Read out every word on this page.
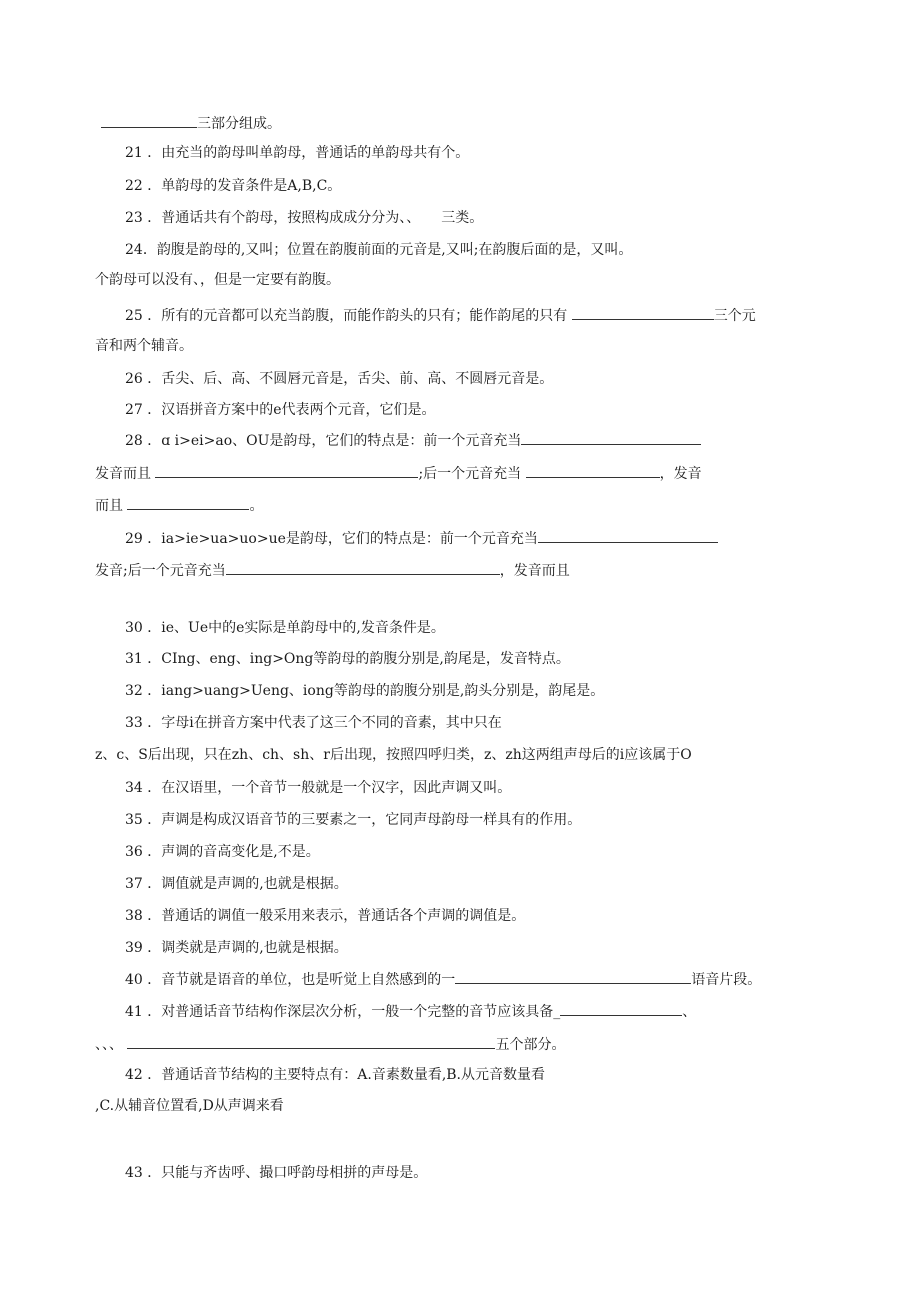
三部分组成。
21 ．由充当的韵母叫单韵母，普通话的单韵母共有个。
22 ．单韵母的发音条件是A,B,C。
23 ．普通话共有个韵母，按照构成成分分为、、　　三类。
24．韵腹是韵母的,又叫；位置在韵腹前面的元音是,又叫;在韵腹后面的是，又叫。
个韵母可以没有、，但是一定要有韵腹。
25 ．所有的元音都可以充当韵腹，而能作韵头的只有；能作韵尾的只有	三个元
音和两个辅音。
26 ．舌尖、后、高、不圆唇元音是，舌尖、前、高、不圆唇元音是。
27 ．汉语拼音方案中的e代表两个元音，它们是。
28 ．ɑ i>ei>ao、OU是韵母，它们的特点是：前一个元音充当
发音而且	;后一个元音充当	，发音
而且	。
29 ．ia>ie>ua>uo>ue是韵母，它们的特点是：前一个元音充当
发音;后一个元音充当	，发音而且
30 ．ie、Ue中的e实际是单韵母中的,发音条件是。
31 ．CIng、eng、ing>Ong等韵母的韵腹分别是,韵尾是，发音特点。
32 ．iang>uang>Ueng、iong等韵母的韵腹分别是,韵头分别是，韵尾是。
33 ．字母i在拼音方案中代表了这三个不同的音素，其中只在
z、c、S后出现，只在zh、ch、sh、r后出现，按照四呼归类，z、zh这两组声母后的i应该属于O
34 ．在汉语里，一个音节一般就是一个汉字，因此声调又叫。
35 ．声调是构成汉语音节的三要素之一，它同声母韵母一样具有的作用。
36 ．声调的音高变化是,不是。
37 ．调值就是声调的,也就是根据。
38 ．普通话的调值一般采用来表示，普通话各个声调的调值是。
39 ．调类就是声调的,也就是根据。
40 ．音节就是语音的单位，也是听觉上自然感到的一	语音片段。
41 ．对普通话音节结构作深层次分析，一般一个完整的音节应该具备_	、
、、、	五个部分。
42 ．普通话音节结构的主要特点有：A.音素数量看,B.从元音数量看
,C.从辅音位置看,D从声调来看
43 ．只能与齐齿呼、撮口呼韵母相拼的声母是。
